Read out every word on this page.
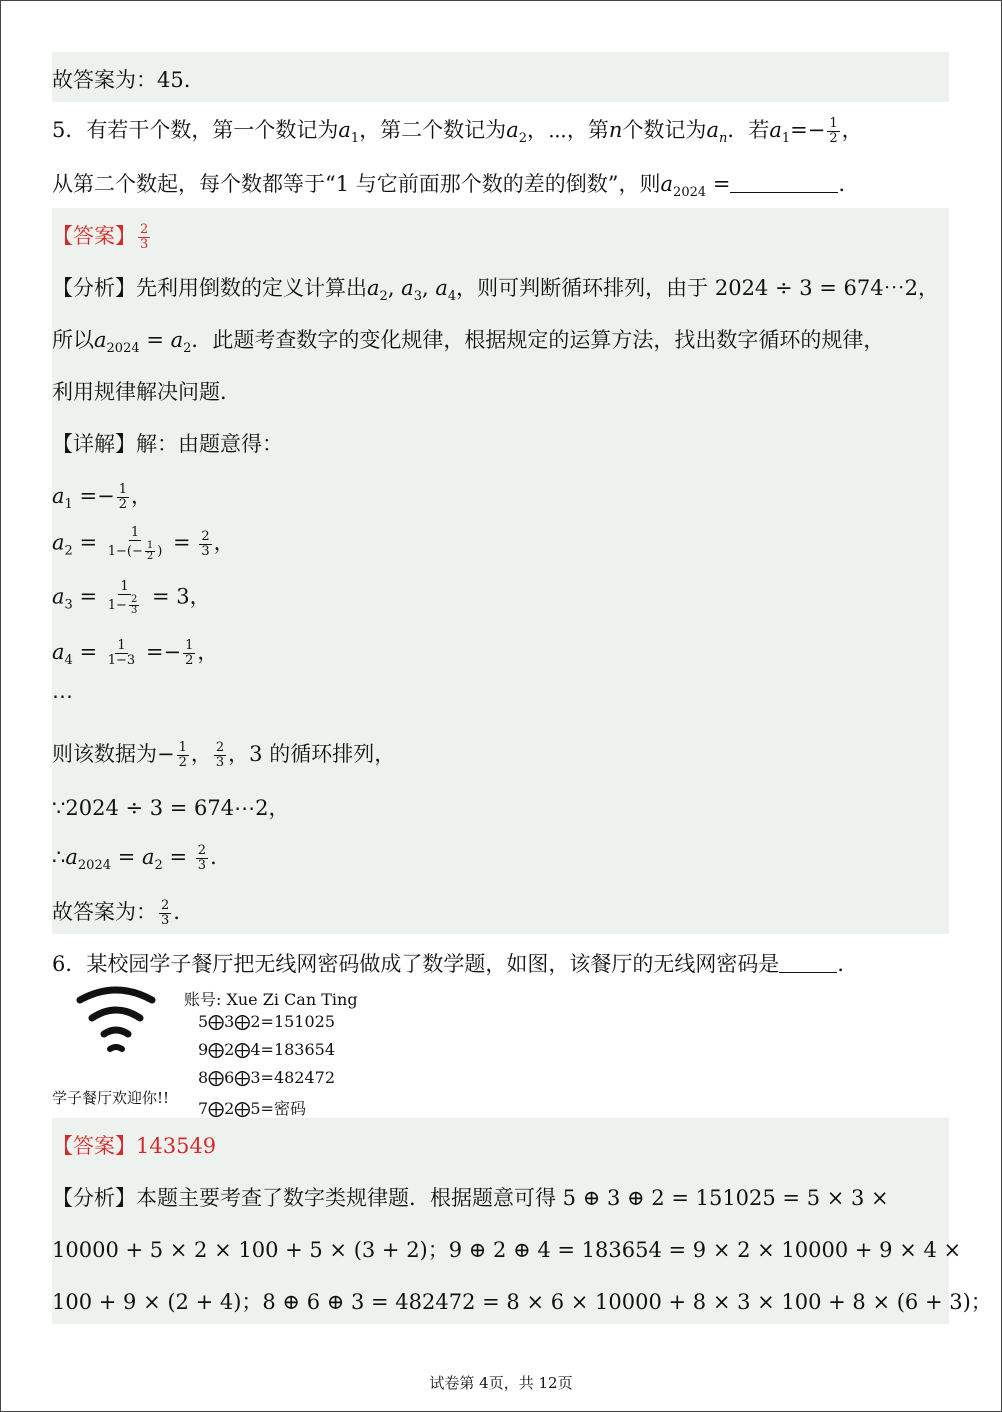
故答案为：45.
5．有若干个数，第一个数记为$a_1$，第二个数记为$a_2$，⋯，第n个数记为$a_n$．若$a_1=- \frac{1}{2}$ ，
从第二个数起，每个数都等于“1 与它前面那个数的差的倒数”，则$a_{2024}$ =	．
【答案】 $\frac{2}{3}$
【分析】先利用倒数的定义计算出$a_2$, $a_3$, $a_4$，则可判断循环排列，由于 2024 ÷ 3 = 674⋯2，
所以$a_{2024} = a_2$．此题考查数字的变化规律，根据规定的运算方法，找出数字循环的规律，
利用规律解决问题．
【详解】解：由题意得：
$a_1 =- \frac{1}{2}$ ，
$a_2 = \frac{1}{1-(- \frac{1}{2} )} = \frac{2}{3}$ ，
$a_3 = \frac{1}{1- \frac{2}{3}} = 3$，
$a_4 = \frac{1}{1-3} =- \frac{1}{2}$ ，
⋯
则该数据为− $\frac{1}{2}$ ， $\frac{2}{3}$ ，3 的循环排列，
∵2024 ÷ 3 = 674⋯2，
$\therefore a_{2024} = a_2 = \frac{2}{3}$ .
故答案为： $\frac{2}{3}$ .
6．某校园学子餐厅把无线网密码做成了数学题，如图，该餐厅的无线网密码是	．
账号: Xue Zi Can Ting
5⨁3⨁2=151025
9⨁2⨁4=183654
8⨁6⨁3=482472
7⨁2⨁5=密码
学子餐厅欢迎你!!
【答案】143549
【分析】本题主要考查了数字类规律题．根据题意可得 5 ⊕ 3 ⊕ 2 = 151025 = 5 × 3 ×
10000 + 5 × 2 × 100 + 5 × (3 + 2)；9 ⊕ 2 ⊕ 4 = 183654 = 9 × 2 × 10000 + 9 × 4 ×
100 + 9 × (2 + 4)；8 ⊕ 6 ⊕ 3 = 482472 = 8 × 6 × 10000 + 8 × 3 × 100 + 8 × (6 + 3)；
试卷第 4页，共 12页
